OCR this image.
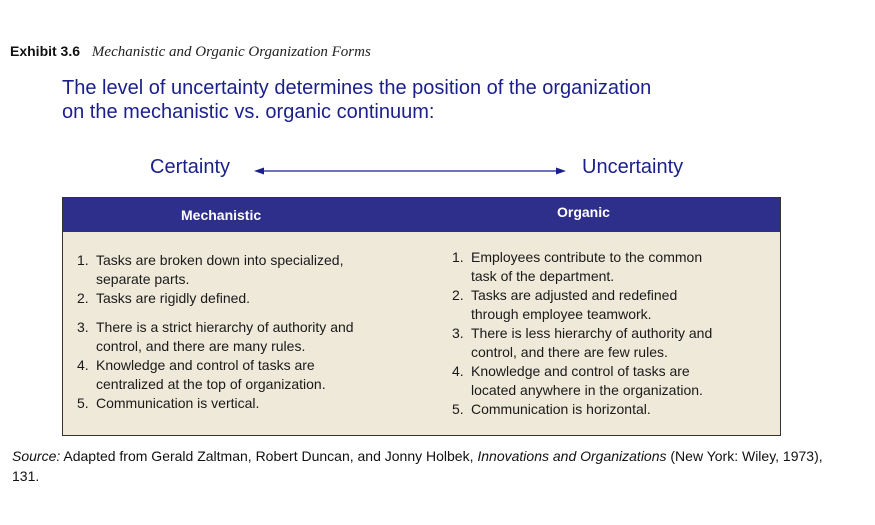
Exhibit 3.6 Mechanistic and Organic Organization Forms
The level of uncertainty determines the position of the organization
on the mechanistic vs. organic continuum:
Certainty	Uncertainty
Mechanistic	Organic
1. Tasks are broken down into specialized,
separate parts.
2. Tasks are rigidly defined.
3. There is a strict hierarchy of authority and
control, and there are many rules.
4. Knowledge and control of tasks are
centralized at the top of organization.
5. Communication is vertical.
1. Employees contribute to the common
task of the department.
2. Tasks are adjusted and redefined
through employee teamwork.
3. There is less hierarchy of authority and
control, and there are few rules.
4. Knowledge and control of tasks are
located anywhere in the organization.
5. Communication is horizontal.
Source: Adapted from Gerald Zaltman, Robert Duncan, and Jonny Holbek, Innovations and Organizations (New York: Wiley, 1973), 131.
